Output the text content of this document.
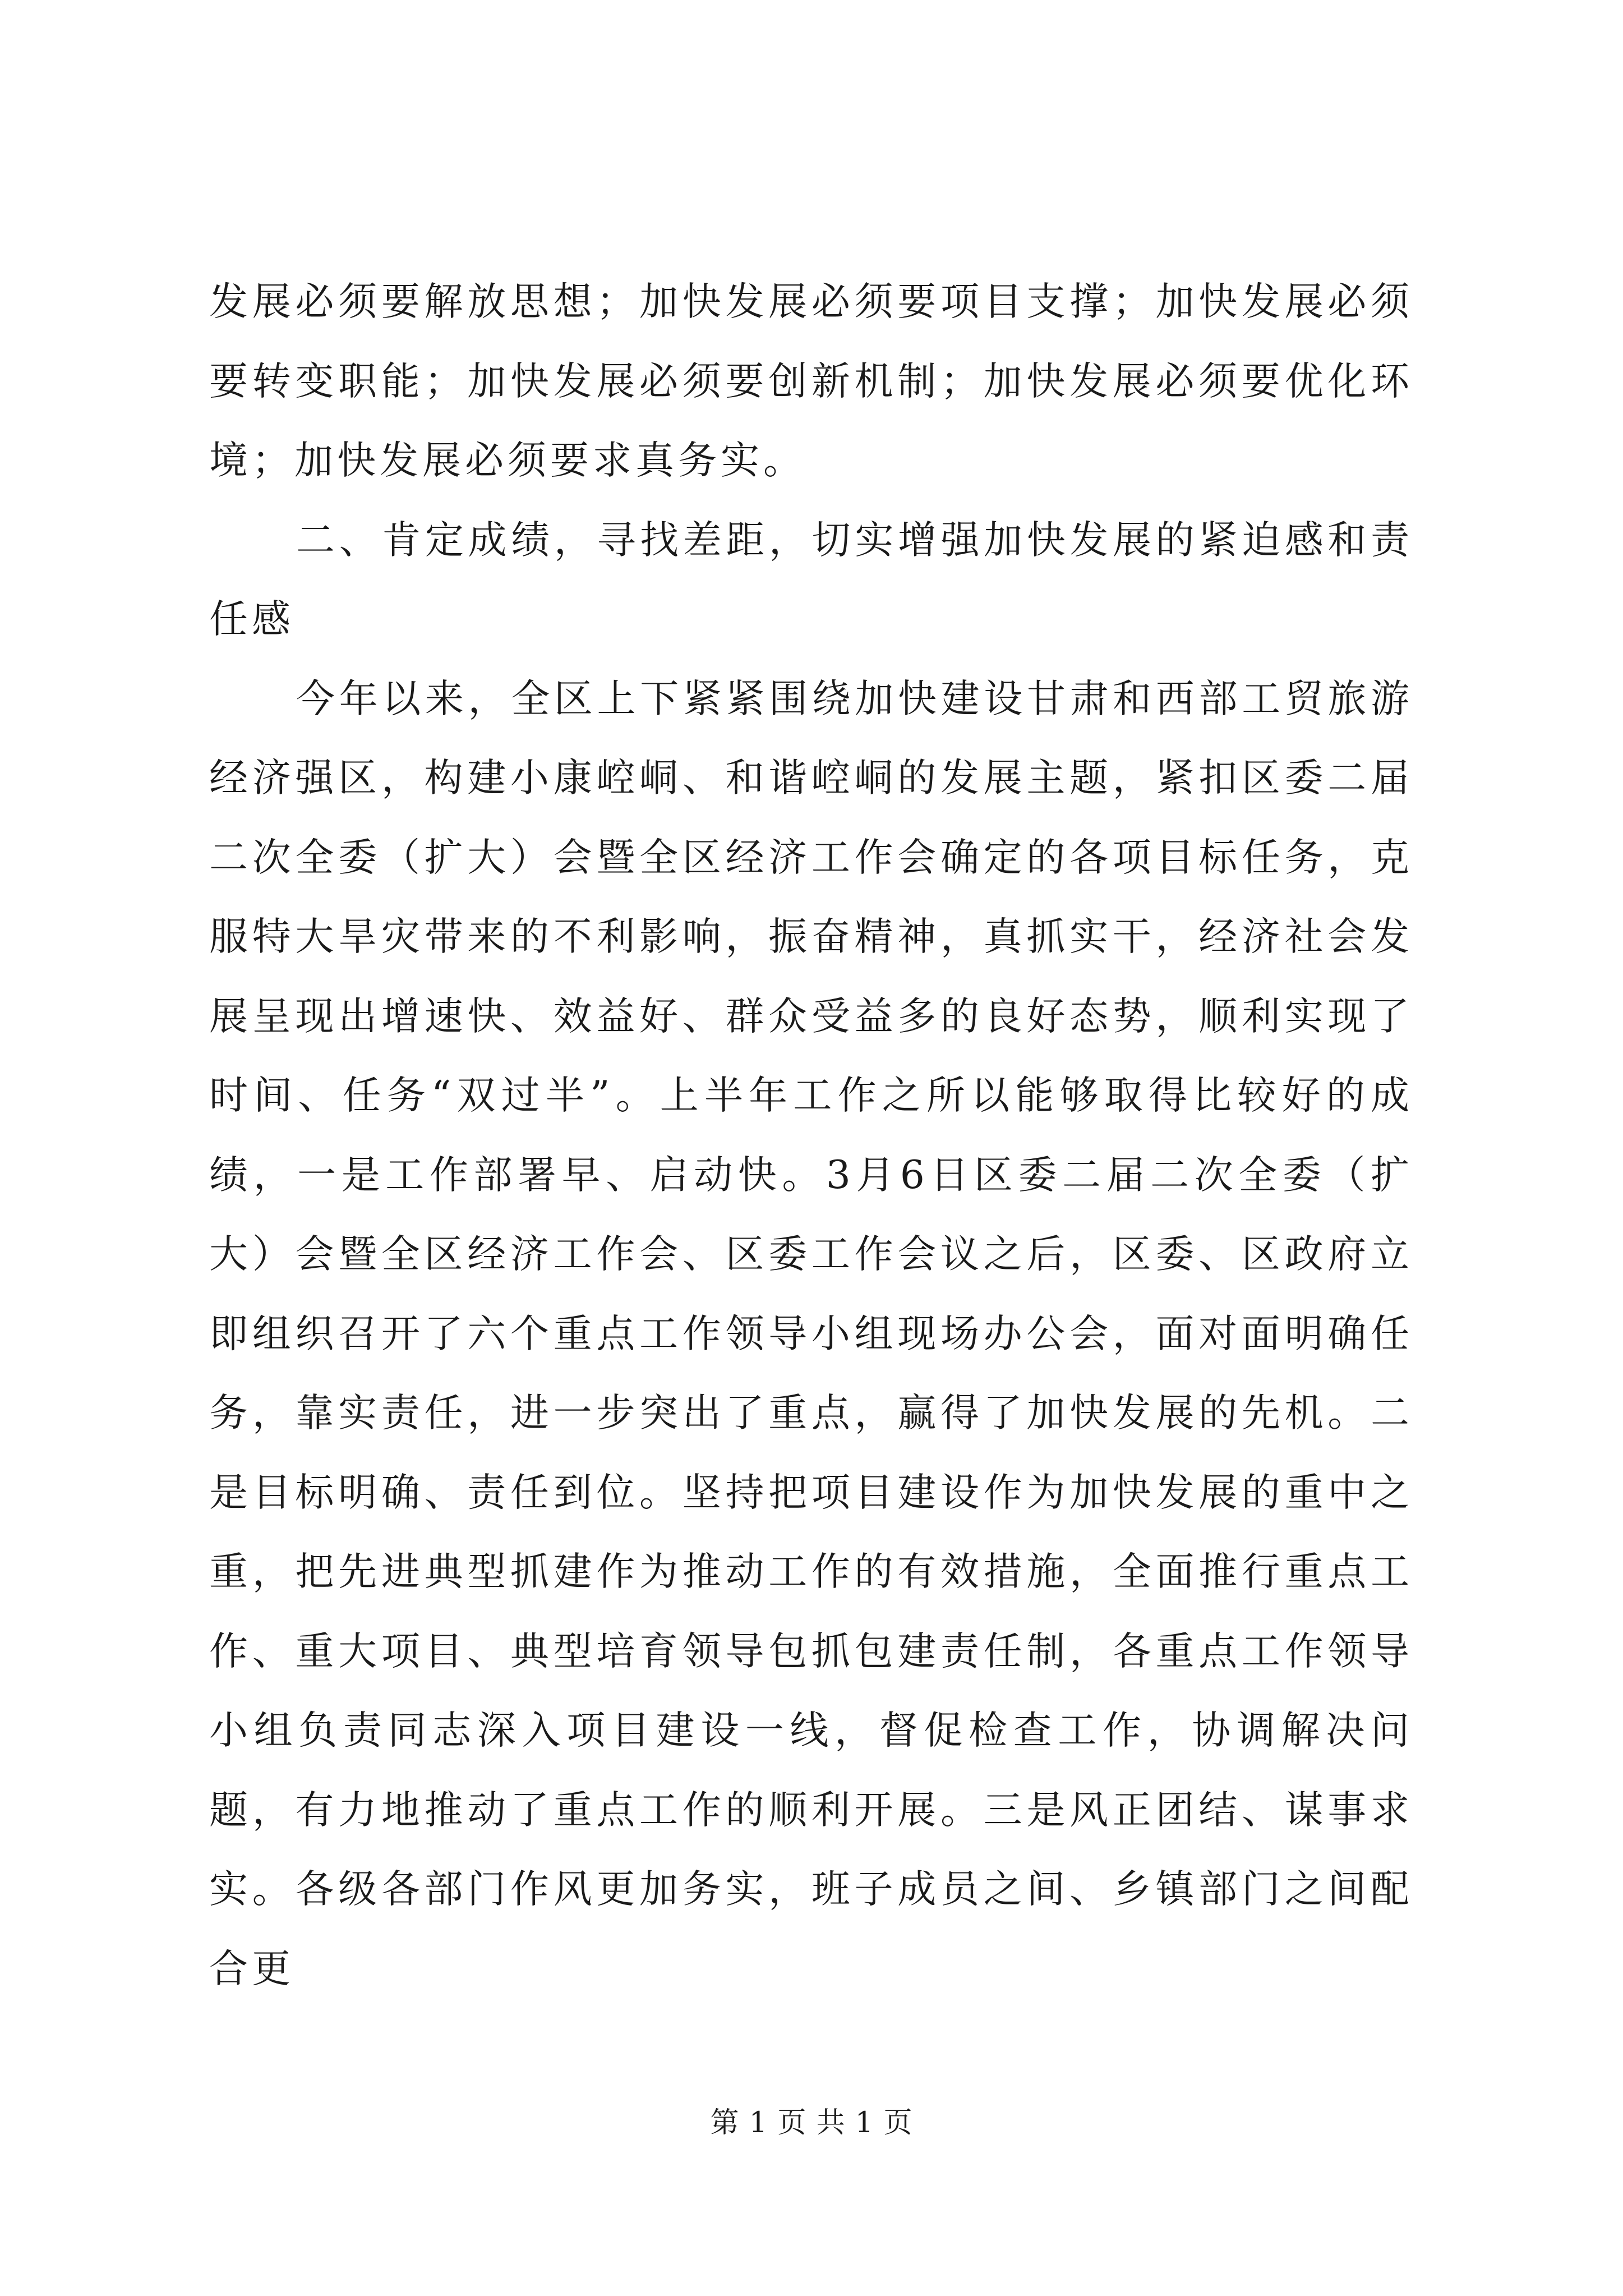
发展必须要解放思想；加快发展必须要项目支撑；加快发展必须要转变职能；加快发展必须要创新机制；加快发展必须要优化环境；加快发展必须要求真务实。

二、肯定成绩，寻找差距，切实增强加快发展的紧迫感和责任感

今年以来，全区上下紧紧围绕加快建设甘肃和西部工贸旅游经济强区，构建小康崆峒、和谐崆峒的发展主题，紧扣区委二届二次全委（扩大）会暨全区经济工作会确定的各项目标任务，克服特大旱灾带来的不利影响，振奋精神，真抓实干，经济社会发展呈现出增速快、效益好、群众受益多的良好态势，顺利实现了时间、任务“双过半”。上半年工作之所以能够取得比较好的成绩，一是工作部署早、启动快。3月6日区委二届二次全委（扩大）会暨全区经济工作会、区委工作会议之后，区委、区政府立即组织召开了六个重点工作领导小组现场办公会，面对面明确任务，靠实责任，进一步突出了重点，赢得了加快发展的先机。二是目标明确、责任到位。坚持把项目建设作为加快发展的重中之重，把先进典型抓建作为推动工作的有效措施，全面推行重点工作、重大项目、典型培育领导包抓包建责任制，各重点工作领导小组负责同志深入项目建设一线，督促检查工作，协调解决问题，有力地推动了重点工作的顺利开展。三是风正团结、谋事求实。各级各部门作风更加务实，班子成员之间、乡镇部门之间配合更

第 1 页 共 1 页
